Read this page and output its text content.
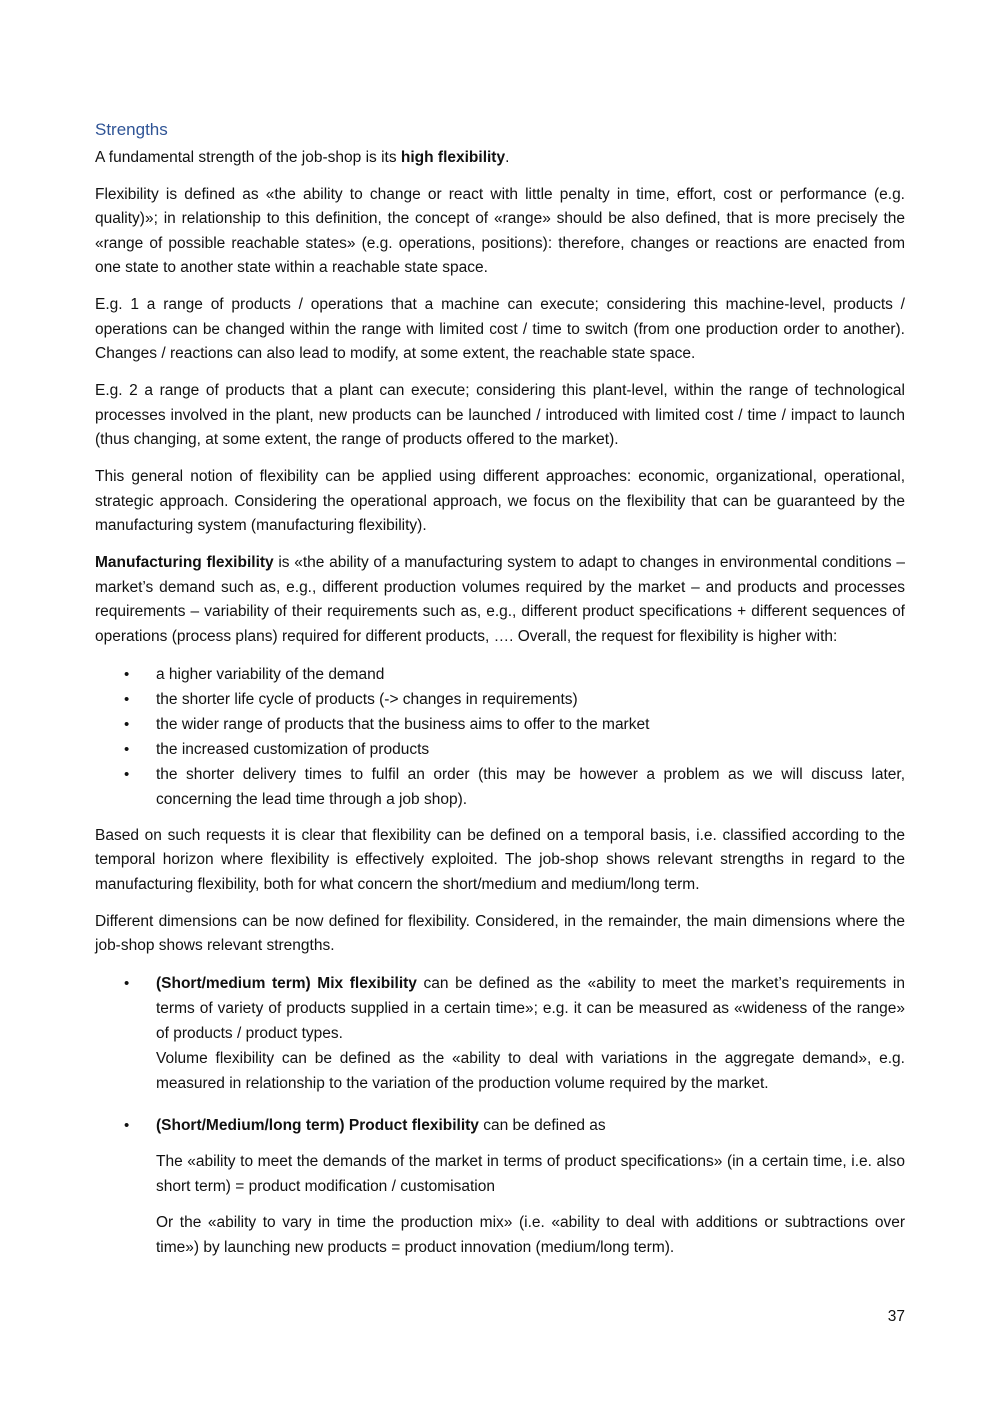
Strengths

A fundamental strength of the job-shop is its high flexibility.

Flexibility is defined as «the ability to change or react with little penalty in time, effort, cost or performance (e.g. quality)»; in relationship to this definition, the concept of «range» should be also defined, that is more precisely the «range of possible reachable states» (e.g. operations, positions): therefore, changes or reactions are enacted from one state to another state within a reachable state space.

E.g. 1 a range of products / operations that a machine can execute; considering this machine-level, products / operations can be changed within the range with limited cost / time to switch (from one production order to another). Changes / reactions can also lead to modify, at some extent, the reachable state space.

E.g. 2 a range of products that a plant can execute; considering this plant-level, within the range of technological processes involved in the plant, new products can be launched / introduced with limited cost / time / impact to launch (thus changing, at some extent, the range of products offered to the market).

This general notion of flexibility can be applied using different approaches: economic, organizational, operational, strategic approach. Considering the operational approach, we focus on the flexibility that can be guaranteed by the manufacturing system (manufacturing flexibility).

Manufacturing flexibility is «the ability of a manufacturing system to adapt to changes in environmental conditions – market’s demand such as, e.g., different production volumes required by the market – and products and processes requirements – variability of their requirements such as, e.g., different product specifications + different sequences of operations (process plans) required for different products, …. Overall, the request for flexibility is higher with:

• a higher variability of the demand
• the shorter life cycle of products (-> changes in requirements)
• the wider range of products that the business aims to offer to the market
• the increased customization of products
• the shorter delivery times to fulfil an order (this may be however a problem as we will discuss later, concerning the lead time through a job shop).

Based on such requests it is clear that flexibility can be defined on a temporal basis, i.e. classified according to the temporal horizon where flexibility is effectively exploited. The job-shop shows relevant strengths in regard to the manufacturing flexibility, both for what concern the short/medium and medium/long term.

Different dimensions can be now defined for flexibility. Considered, in the remainder, the main dimensions where the job-shop shows relevant strengths.

• (Short/medium term) Mix flexibility can be defined as the «ability to meet the market’s requirements in terms of variety of products supplied in a certain time»; e.g. it can be measured as «wideness of the range» of products / product types.
Volume flexibility can be defined as the «ability to deal with variations in the aggregate demand», e.g. measured in relationship to the variation of the production volume required by the market.
• (Short/Medium/long term) Product flexibility can be defined as

The «ability to meet the demands of the market in terms of product specifications» (in a certain time, i.e. also short term) = product modification / customisation

Or the «ability to vary in time the production mix» (i.e. «ability to deal with additions or subtractions over time») by launching new products = product innovation (medium/long term).

37
